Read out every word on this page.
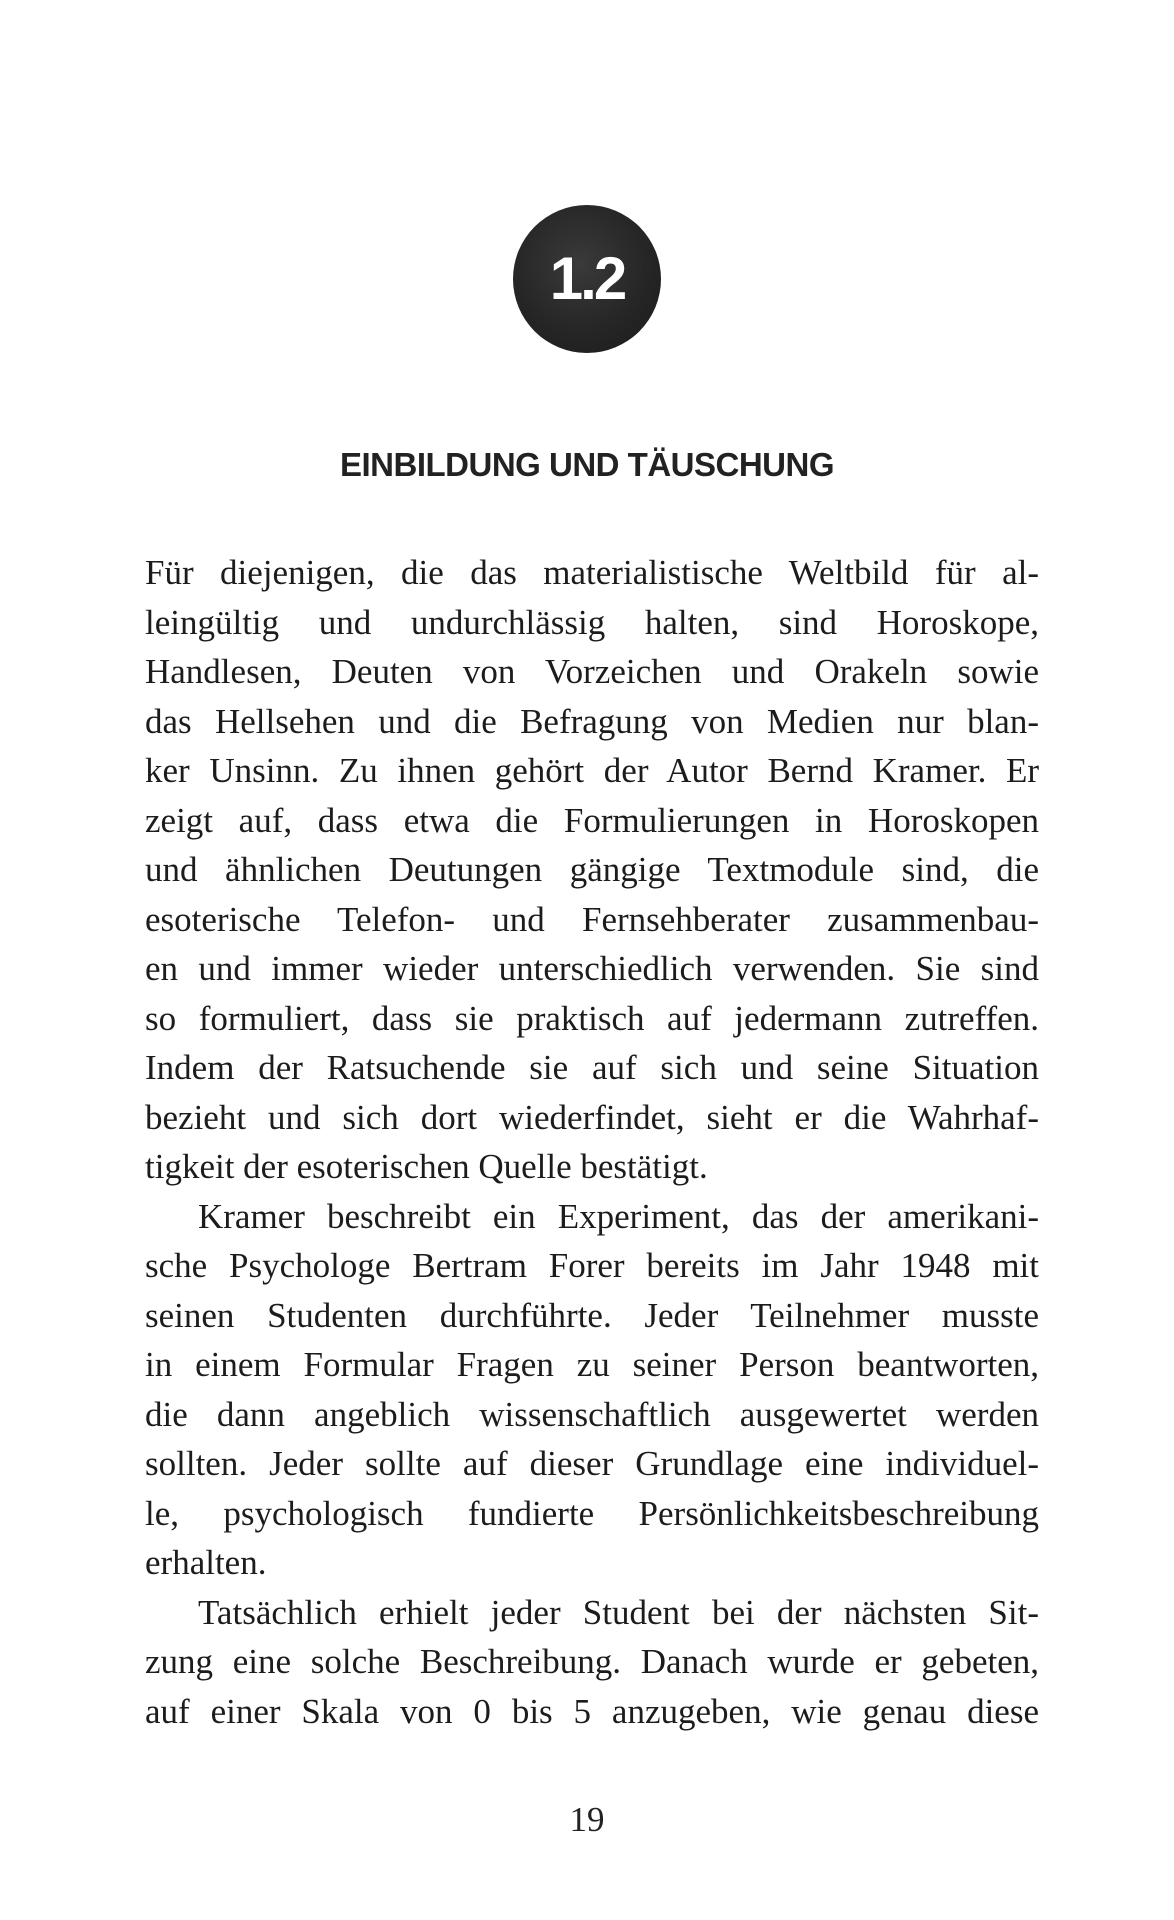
1.2
EINBILDUNG UND TÄUSCHUNG
Für diejenigen, die das materialistische Weltbild für al-
leingültig und undurchlässig halten, sind Horoskope,
Handlesen, Deuten von Vorzeichen und Orakeln sowie
das Hellsehen und die Befragung von Medien nur blan-
ker Unsinn. Zu ihnen gehört der Autor Bernd Kramer. Er
zeigt auf, dass etwa die Formulierungen in Horoskopen
und ähnlichen Deutungen gängige Textmodule sind, die
esoterische Telefon- und Fernsehberater zusammenbau-
en und immer wieder unterschiedlich verwenden. Sie sind
so formuliert, dass sie praktisch auf jedermann zutreffen.
Indem der Ratsuchende sie auf sich und seine Situation
bezieht und sich dort wiederfindet, sieht er die Wahrhaf-
tigkeit der esoterischen Quelle bestätigt.
Kramer beschreibt ein Experiment, das der amerikani-
sche Psychologe Bertram Forer bereits im Jahr 1948 mit
seinen Studenten durchführte. Jeder Teilnehmer musste
in einem Formular Fragen zu seiner Person beantworten,
die dann angeblich wissenschaftlich ausgewertet werden
sollten. Jeder sollte auf dieser Grundlage eine individuel-
le, psychologisch fundierte Persönlichkeitsbeschreibung
erhalten.
Tatsächlich erhielt jeder Student bei der nächsten Sit-
zung eine solche Beschreibung. Danach wurde er gebeten,
auf einer Skala von 0 bis 5 anzugeben, wie genau diese
19
